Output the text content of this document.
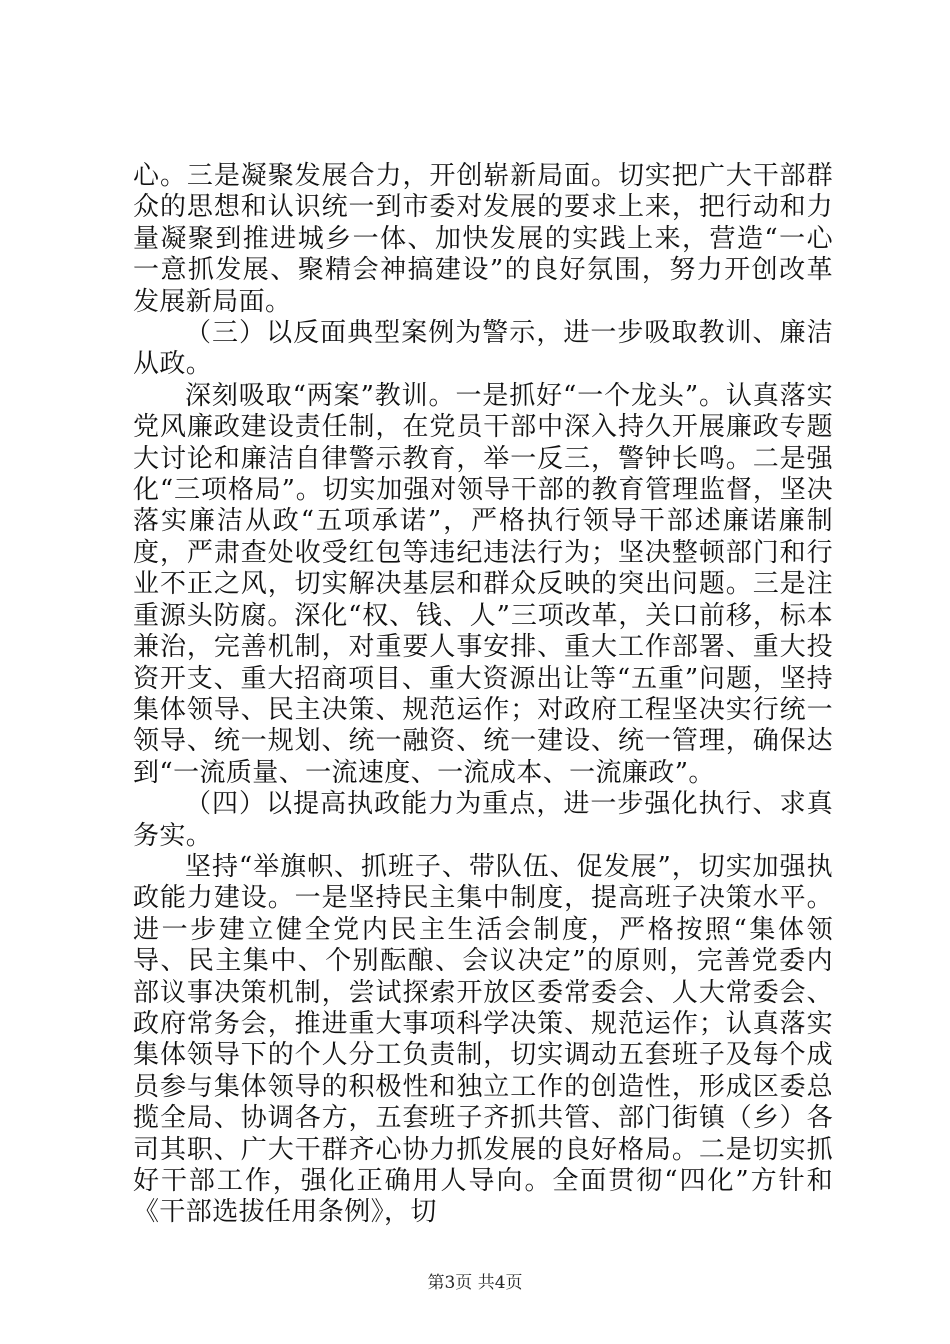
心。三是凝聚发展合力，开创崭新局面。切实把广大干部群众的思想和认识统一到市委对发展的要求上来，把行动和力量凝聚到推进城乡一体、加快发展的实践上来，营造“一心一意抓发展、聚精会神搞建设”的良好氛围，努力开创改革发展新局面。

（三）以反面典型案例为警示，进一步吸取教训、廉洁从政。

深刻吸取“两案”教训。一是抓好“一个龙头”。认真落实党风廉政建设责任制，在党员干部中深入持久开展廉政专题大讨论和廉洁自律警示教育，举一反三，警钟长鸣。二是强化“三项格局”。切实加强对领导干部的教育管理监督，坚决落实廉洁从政“五项承诺”，严格执行领导干部述廉诺廉制度，严肃查处收受红包等违纪违法行为；坚决整顿部门和行业不正之风，切实解决基层和群众反映的突出问题。三是注重源头防腐。深化“权、钱、人”三项改革，关口前移，标本兼治，完善机制，对重要人事安排、重大工作部署、重大投资开支、重大招商项目、重大资源出让等“五重”问题，坚持集体领导、民主决策、规范运作；对政府工程坚决实行统一领导、统一规划、统一融资、统一建设、统一管理，确保达到“一流质量、一流速度、一流成本、一流廉政”。

（四）以提高执政能力为重点，进一步强化执行、求真务实。

坚持“举旗帜、抓班子、带队伍、促发展”，切实加强执政能力建设。一是坚持民主集中制度，提高班子决策水平。进一步建立健全党内民主生活会制度，严格按照“集体领导、民主集中、个别酝酿、会议决定”的原则，完善党委内部议事决策机制，尝试探索开放区委常委会、人大常委会、政府常务会，推进重大事项科学决策、规范运作；认真落实集体领导下的个人分工负责制，切实调动五套班子及每个成员参与集体领导的积极性和独立工作的创造性，形成区委总揽全局、协调各方，五套班子齐抓共管、部门街镇（乡）各司其职、广大干群齐心协力抓发展的良好格局。二是切实抓好干部工作，强化正确用人导向。全面贯彻“四化”方针和《干部选拔任用条例》，切

第3页 共4页
